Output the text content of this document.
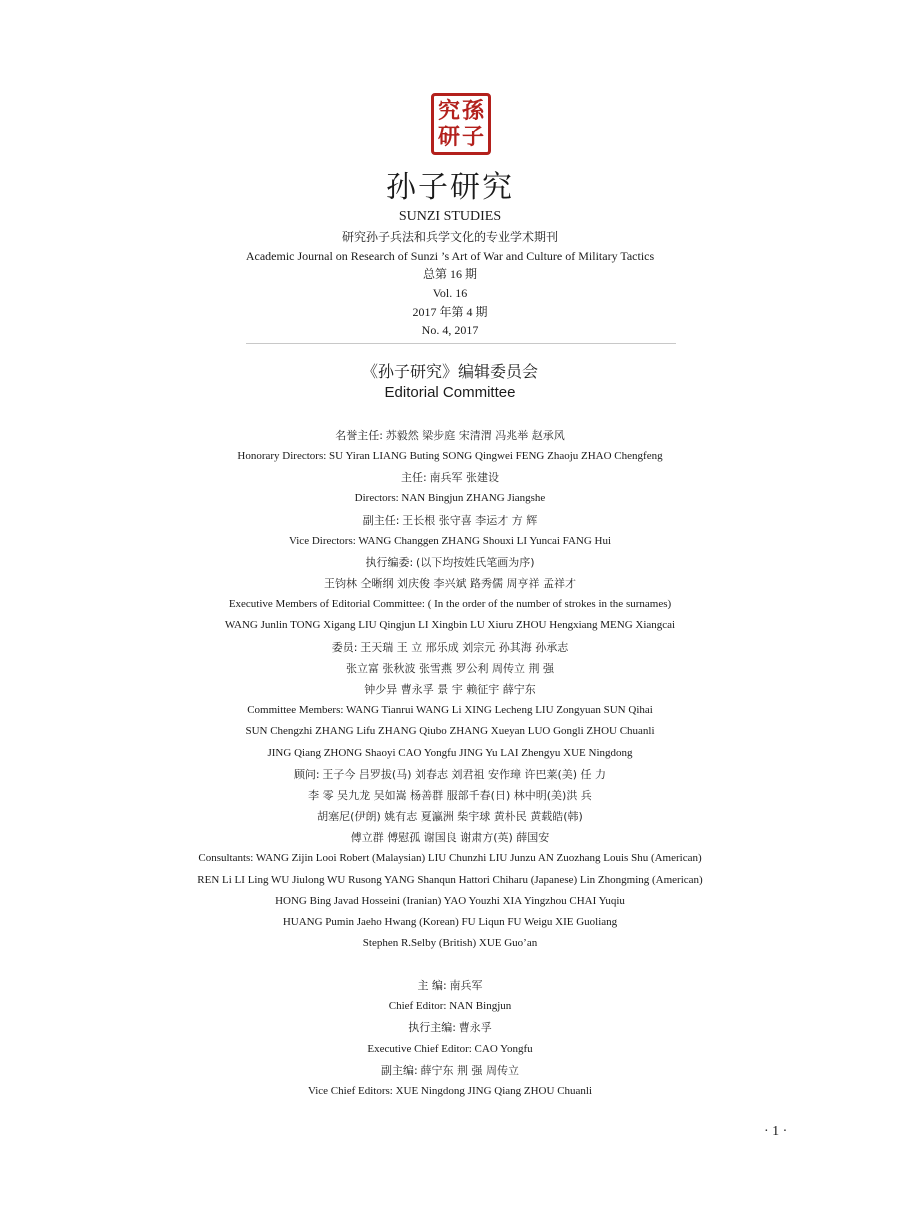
究 孫
研 子
孙子研究
SUNZI STUDIES
研究孙子兵法和兵学文化的专业学术期刊
Academic Journal on Research of Sunzi ’s Art of War and Culture of Military Tactics
总第 16 期
Vol. 16
2017 年第 4 期
No. 4, 2017
《孙子研究》编辑委员会
Editorial Committee
名誉主任: 苏毅然 梁步庭 宋清渭 冯兆举 赵承风
Honorary Directors: SU Yiran LIANG Buting SONG Qingwei FENG Zhaoju ZHAO Chengfeng
主任: 南兵军 张建设
Directors: NAN Bingjun ZHANG Jiangshe
副主任: 王长根 张守喜 李运才 方 辉
Vice Directors: WANG Changgen ZHANG Shouxi LI Yuncai FANG Hui
执行编委: (以下均按姓氏笔画为序)
王钧林 仝晰纲 刘庆俊 李兴斌 路秀儒 周亨祥 孟祥才
Executive Members of Editorial Committee: ( In the order of the number of strokes in the surnames)
WANG Junlin TONG Xigang LIU Qingjun LI Xingbin LU Xiuru ZHOU Hengxiang MENG Xiangcai
委员: 王天瑞 王 立 邢乐成 刘宗元 孙其海 孙承志
张立富 张秋波 张雪燕 罗公利 周传立 荆 强
钟少异 曹永孚 景 宇 赖征宇 薛宁东
Committee Members: WANG Tianrui WANG Li XING Lecheng LIU Zongyuan SUN Qihai
SUN Chengzhi ZHANG Lifu ZHANG Qiubo ZHANG Xueyan LUO Gongli ZHOU Chuanli
JING Qiang ZHONG Shaoyi CAO Yongfu JING Yu LAI Zhengyu XUE Ningdong
顾问: 王子今 吕罗拔(马) 刘春志 刘君祖 安作璋 许巴莱(美) 任 力
李 零 吴九龙 吴如嵩 杨善群 服部千春(日) 林中明(美)洪 兵
胡塞尼(伊朗) 姚有志 夏瀛洲 柴宇球 黄朴民 黄载皓(韩)
傅立群 傅慰孤 谢国良 谢肃方(英) 薛国安
Consultants: WANG Zijin Looi Robert (Malaysian) LIU Chunzhi LIU Junzu AN Zuozhang Louis Shu (American)
REN Li LI Ling WU Jiulong WU Rusong YANG Shanqun Hattori Chiharu (Japanese) Lin Zhongming (American)
HONG Bing Javad Hosseini (Iranian) YAO Youzhi XIA Yingzhou CHAI Yuqiu
HUANG Pumin Jaeho Hwang (Korean) FU Liqun FU Weigu XIE Guoliang
Stephen R.Selby (British) XUE Guo’an
主 编: 南兵军
Chief Editor: NAN Bingjun
执行主编: 曹永孚
Executive Chief Editor: CAO Yongfu
副主编: 薛宁东 荆 强 周传立
Vice Chief Editors: XUE Ningdong JING Qiang ZHOU Chuanli
· 1 ·
